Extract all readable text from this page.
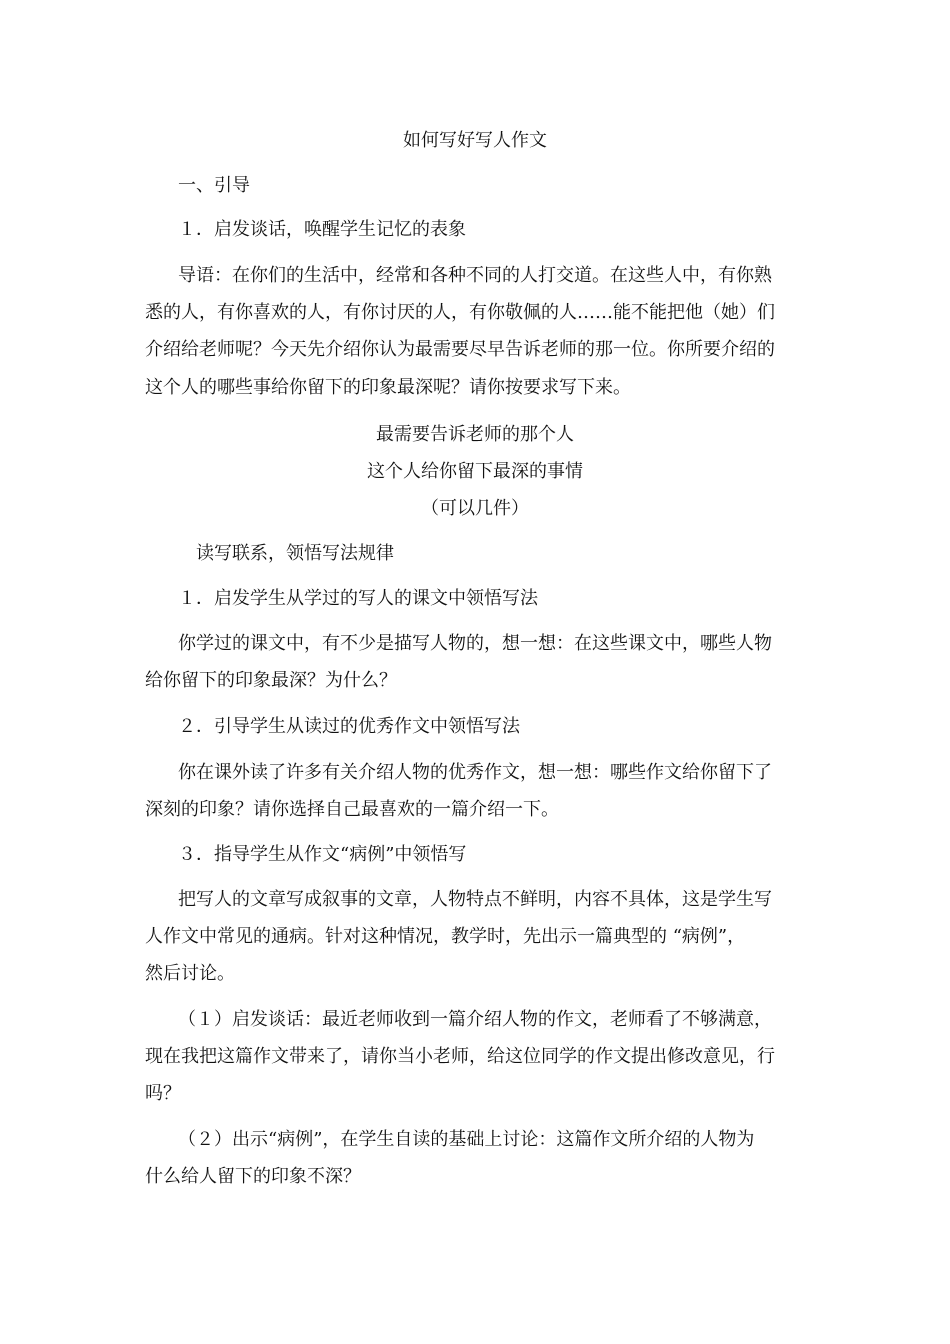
如何写好写人作文
一、引导
１．启发谈话，唤醒学生记忆的表象
导语：在你们的生活中，经常和各种不同的人打交道。在这些人中，有你熟
悉的人，有你喜欢的人，有你讨厌的人，有你敬佩的人……能不能把他（她）们
介绍给老师呢？今天先介绍你认为最需要尽早告诉老师的那一位。你所要介绍的
这个人的哪些事给你留下的印象最深呢？请你按要求写下来。
最需要告诉老师的那个人
这个人给你留下最深的事情
（可以几件）
读写联系，领悟写法规律
１．启发学生从学过的写人的课文中领悟写法
你学过的课文中，有不少是描写人物的，想一想：在这些课文中，哪些人物
给你留下的印象最深？为什么？
２．引导学生从读过的优秀作文中领悟写法
你在课外读了许多有关介绍人物的优秀作文，想一想：哪些作文给你留下了
深刻的印象？请你选择自己最喜欢的一篇介绍一下。
３．指导学生从作文“病例”中领悟写
把写人的文章写成叙事的文章，人物特点不鲜明，内容不具体，这是学生写
人作文中常见的通病。针对这种情况，教学时，先出示一篇典型的 “病例”，
然后讨论。
（１）启发谈话：最近老师收到一篇介绍人物的作文，老师看了不够满意，
现在我把这篇作文带来了，请你当小老师，给这位同学的作文提出修改意见，行
吗？
（２）出示“病例”，在学生自读的基础上讨论：这篇作文所介绍的人物为
什么给人留下的印象不深？
